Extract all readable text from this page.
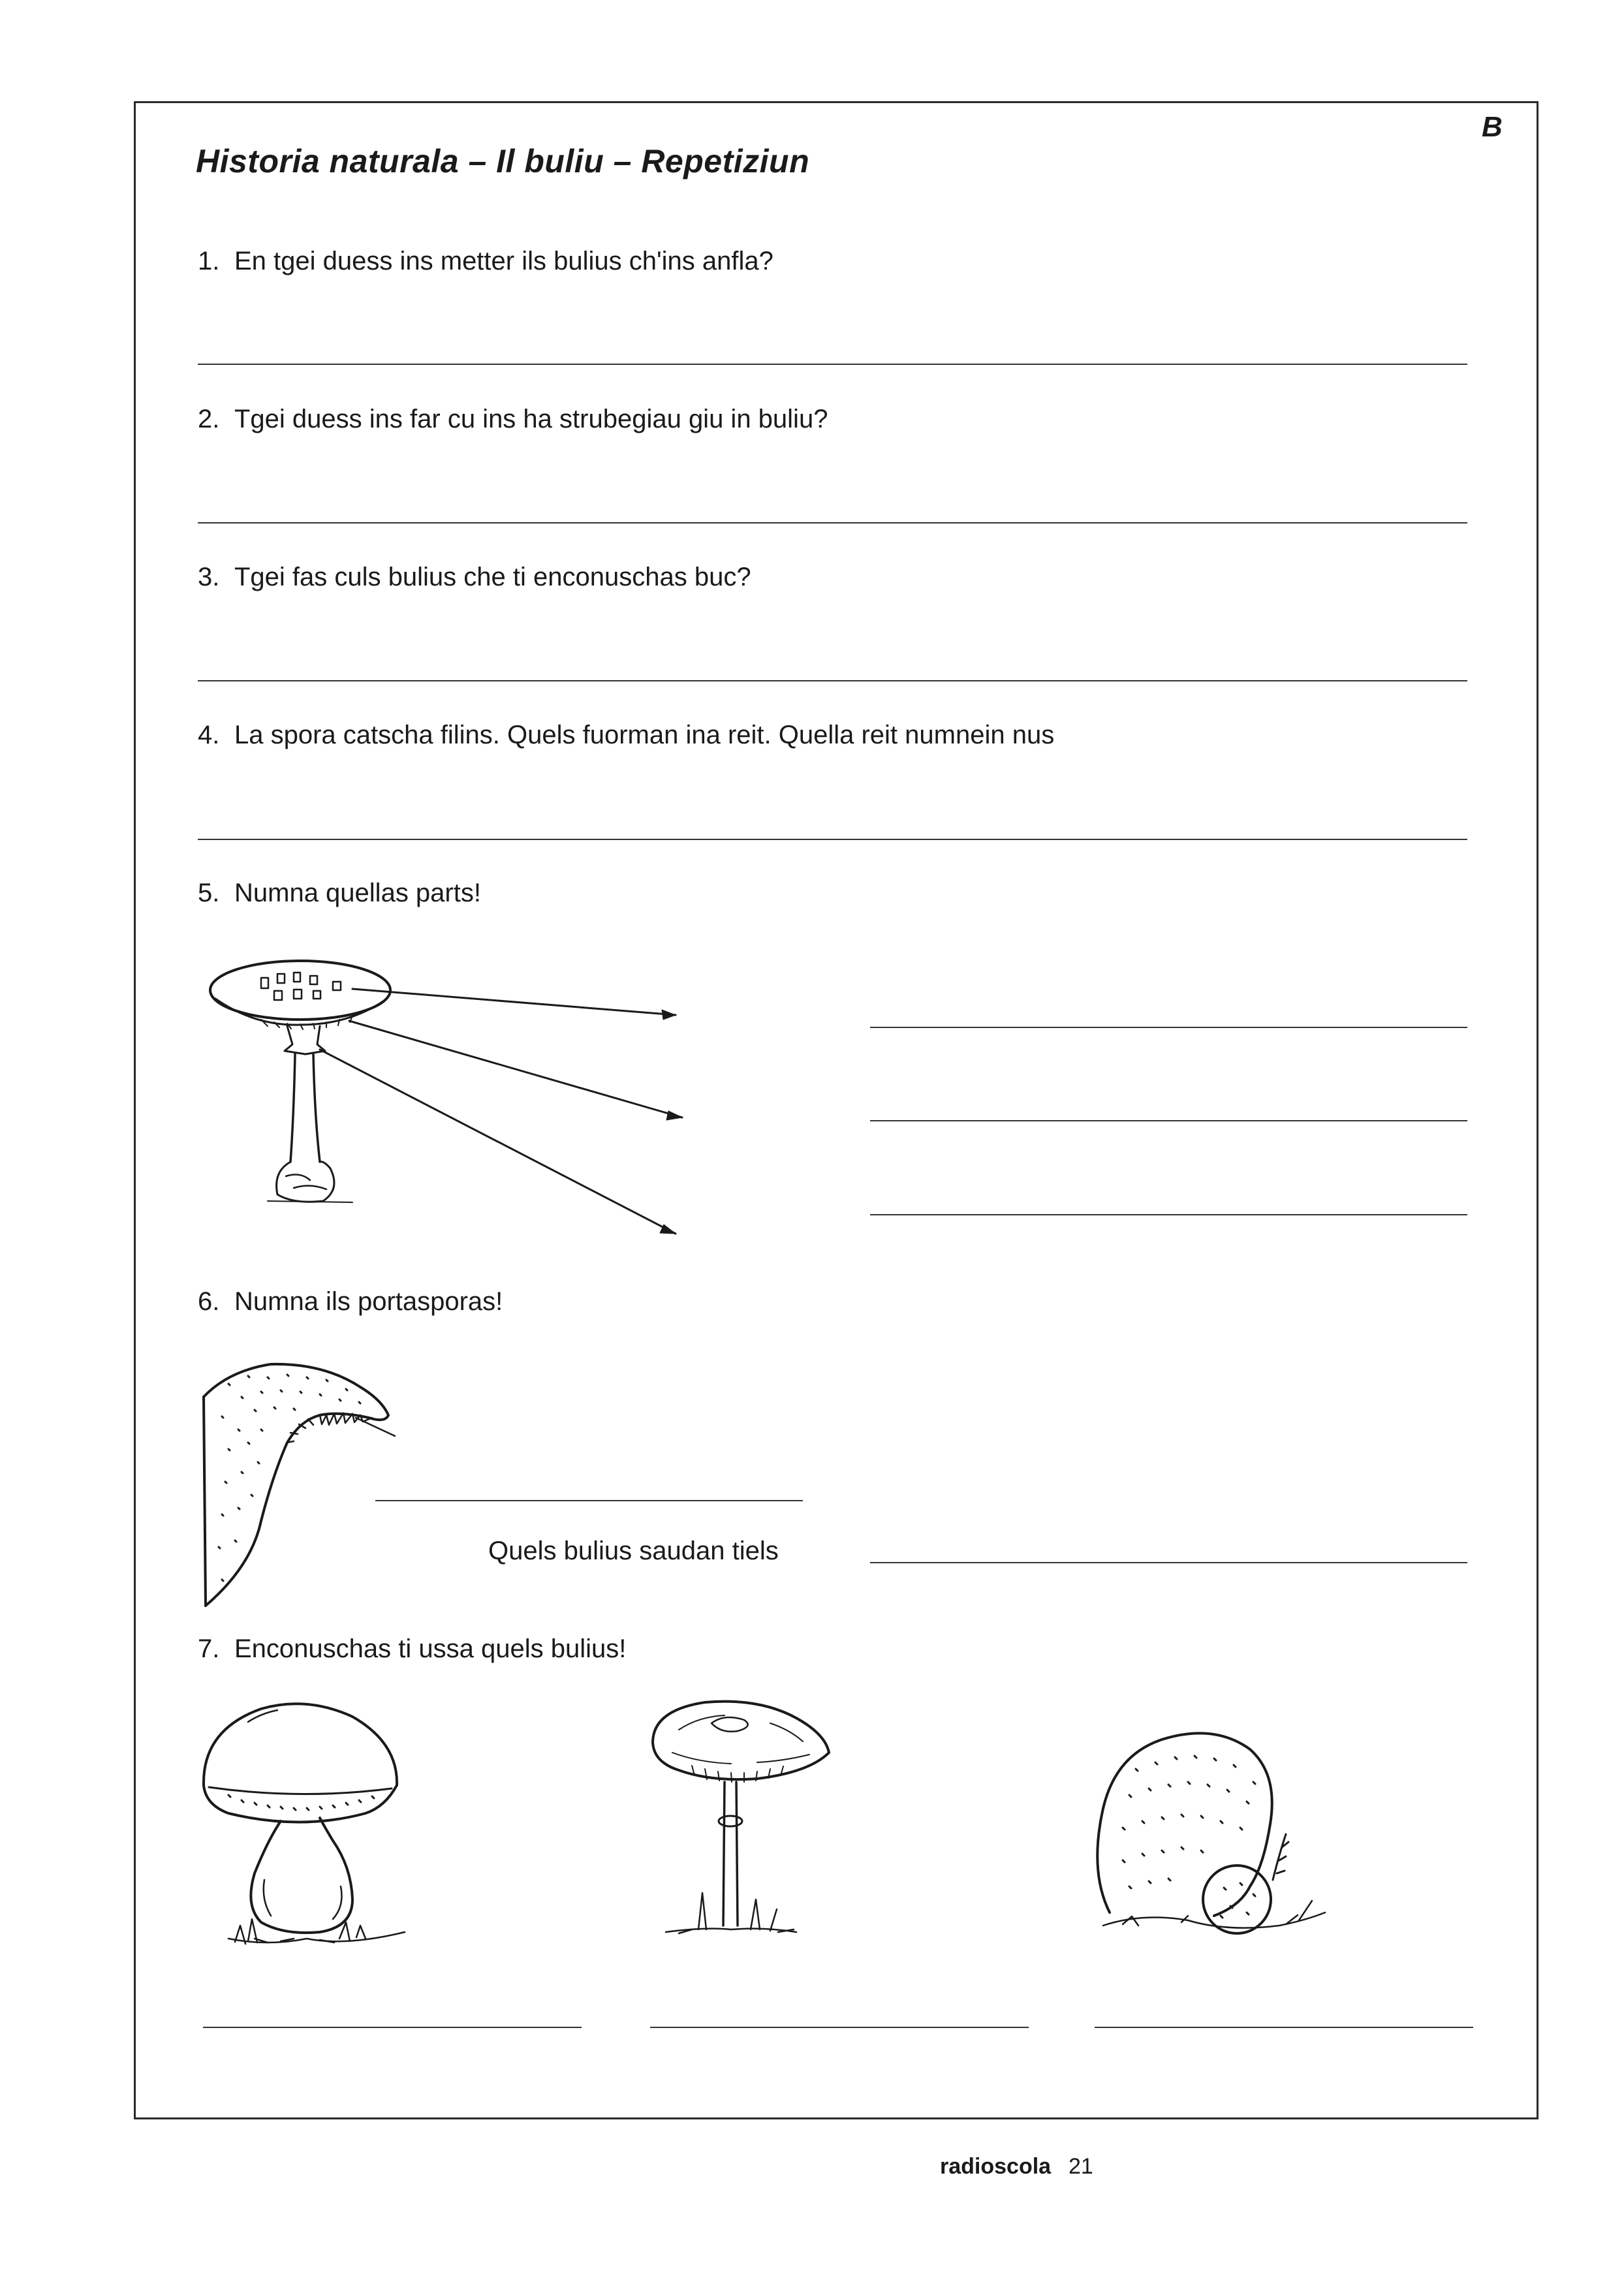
B
Historia naturala – Il buliu – Repetiziun
1. En tgei duess ins metter ils bulius ch'ins anfla?
2. Tgei duess ins far cu ins ha strubegiau giu in buliu?
3. Tgei fas culs bulius che ti enconuschas buc?
4. La spora catscha filins. Quels fuorman ina reit. Quella reit numnein nus
5. Numna quellas parts!
6. Numna ils portasporas!
Quels bulius saudan tiels
7. Enconuschas ti ussa quels bulius!
radioscola 21
